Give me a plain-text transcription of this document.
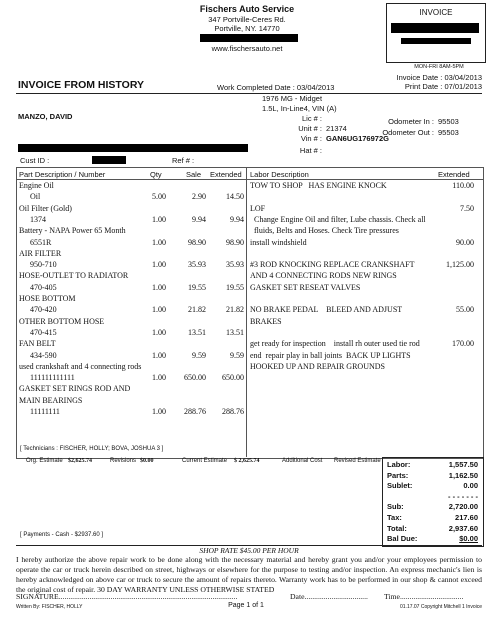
Fischers Auto Service
347 Portville-Ceres Rd.
Portville, NY. 14770
www.fischersauto.net
INVOICE
MON-FRI 8AM-5PM
Invoice Date : 03/04/2013
Print Date : 07/01/2013
INVOICE FROM HISTORY	Work Completed Date : 03/04/2013
1976 MG - Midget
1.5L, In-Line4, VIN (A)
MANZO, DAVID	Lic # :
Unit # : 21374
Vin # : GAN6UG176972G
Hat # :
Odometer In : 95503
Odometer Out : 95503
Cust ID :	Ref # :
Part Description / Number	Qty	Sale Extended Labor Description	Extended
Engine Oil
Oil	5.00	2.90	14.50
Oil Filter (Gold)
1374	1.00	9.94	9.94
Battery - NAPA Power 65 Month
6551R	1.00	98.90	98.90
AIR FILTER
950-710	1.00	35.93	35.93
HOSE-OUTLET TO RADIATOR
470-405	1.00	19.55	19.55
HOSE BOTTOM
470-420	1.00	21.82	21.82
OTHER BOTTOM HOSE
470-415	1.00	13.51	13.51
FAN BELT
434-590	1.00	9.59	9.59
used crankshaft and 4 connecting rods
111111111111	1.00	650.00	650.00
GASKET SET RINGS ROD AND
MAIN BEARINGS
11111111	1.00	288.76	288.76
TOW TO SHOP   HAS ENGINE KNOCK	110.00
LOF	7.50
Change Engine Oil and filter, Lube chassis. Check all
fluids, Belts and Hoses. Check Tire pressures
install windshield	90.00
#3 ROD KNOCKING REPLACE CRANKSHAFT	1,125.00
AND 4 CONNECTING RODS NEW RINGS
GASKET SET RESEAT VALVES
NO BRAKE PEDAL    BLEED AND ADJUST	55.00
BRAKES
get ready for inspection    install rh outer used tie rod	170.00
end  repair play in ball joints  BACK UP LIGHTS
HOOKED UP AND REPAIR GROUNDS
[ Technicians : FISCHER, HOLLY; BOVA, JOSHUA 3 ]
Org. Estimate $2,625.74	Revisions $0.00	Current Estimate $ 2,625.74	Additional Cost Revised Estimate Labor:	1,557.50
Parts:	1,162.50
Sublet:	0.00
- - - - - - -
Sub:	2,720.00
Tax:	217.60
Total:	2,937.60
Bal Due:	$0.00
[ Payments - Cash - $2937.60 ]
SHOP RATE $45.00 PER HOUR
I hereby authorize the above repair work to be done along with the necessary material and hereby grant you and/or your employees permission to operate the car or truck herein described on street, highways or elsewhere for the purpose to testing and/or inspection. An express mechanic's lien is hereby acknowledged on above car or truck to secure the amount of repairs thereto. Warranty work has to be performed in our shop & cannot exceed the original cost of repair. 30 DAY WARRANTY UNLESS OTHERWISE STATED
SIGNATURE.............................................................................................	Date................................. Time.................................
Written By: FISCHER, HOLLY	Page 1 of 1	01.17.07 Copyright Mitchell 1 Invoice
